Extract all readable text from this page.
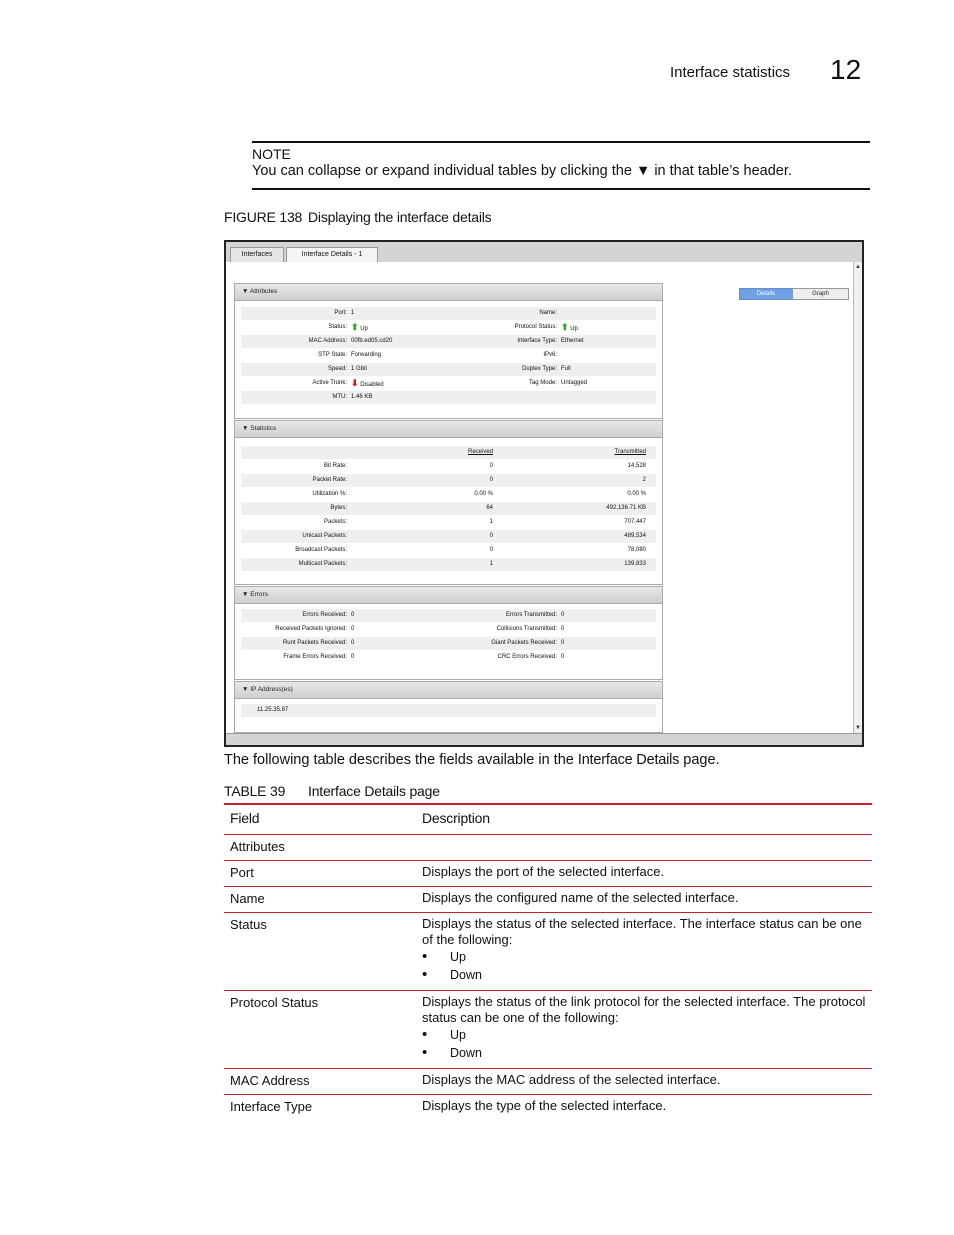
Interface statistics 12
NOTE
You can collapse or expand individual tables by clicking the ▼ in that table’s header.
FIGURE 138 Displaying the interface details
Interfaces	Interface Details - 1
Details	Graph
▼ Attributes
Port: 1	Name:
Status: ⬆ Up	Protocol Status: ⬆ Up
MAC Address: 00fb.ed05.cd20	Interface Type: Ethernet
STP State: Forwarding	IPv6:
Speed: 1 Gbit	Duplex Type: Full
Active Trunk: ⬇ Disabled	Tag Mode: Untagged
MTU: 1.46 KB
▼ Statistics
Received	Transmitted
Bit Rate:	0	14,528
Packet Rate:	0	2
Utilization %:	0.00 %	0.00 %
Bytes:	64	492,136.71 KB
Packets:	1	707,447
Unicast Packets:	0	489,534
Broadcast Packets:	0	78,080
Multicast Packets:	1	139,833
▼ Errors
Errors Received: 0	Errors Transmitted: 0
Received Packets Ignored: 0	Collisions Transmitted: 0
Runt Packets Received: 0	Giant Packets Received: 0
Frame Errors Received: 0	CRC Errors Received: 0
▼ IP Address(es)
11.25.35.87
▲
▼
The following table describes the fields available in the Interface Details page.
TABLE 39 Interface Details page
Field	Description
Attributes
Port	Displays the port of the selected interface.
Name	Displays the configured name of the selected interface.
Status	Displays the status of the selected interface. The interface status can be one of the following:
• Up
• Down
Protocol Status	Displays the status of the link protocol for the selected interface. The protocol status can be one of the following:
• Up
• Down
MAC Address	Displays the MAC address of the selected interface.
Interface Type	Displays the type of the selected interface.
